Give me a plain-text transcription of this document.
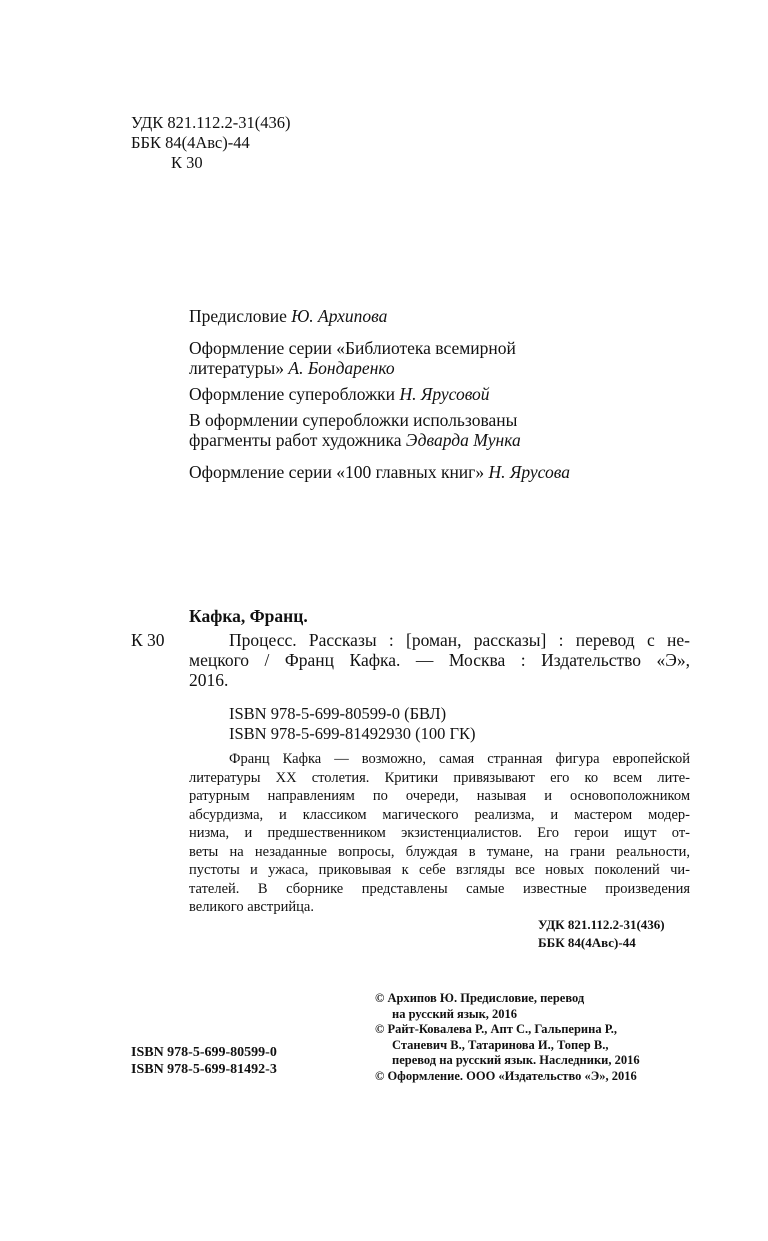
УДК 821.112.2-31(436)
ББК 84(4Авс)-44
К 30
Предисловие Ю. Архипова
Оформление серии «Библиотека всемирной
литературы» А. Бондаренко
Оформление суперобложки Н. Ярусовой
В оформлении суперобложки использованы
фрагменты работ художника Эдварда Мунка
Оформление серии «100 главных книг» Н. Ярусова
Кафка, Франц.
К 30	Процесс. Рассказы : [роман, рассказы] : перевод с не-
мецкого / Франц Кафка. — Москва : Издательство «Э»,
2016.
ISBN 978-5-699-80599-0 (БВЛ)
ISBN 978-5-699-81492930 (100 ГК)
Франц Кафка — возможно, самая странная фигура европейской
литературы XX столетия. Критики привязывают его ко всем лите-
ратурным направлениям по очереди, называя и основоположником
абсурдизма, и классиком магического реализма, и мастером модер-
низма, и предшественником экзистенциалистов. Его герои ищут от-
веты на незаданные вопросы, блуждая в тумане, на грани реальности,
пустоты и ужаса, приковывая к себе взгляды все новых поколений чи-
тателей. В сборнике представлены самые известные произведения
великого австрийца.
УДК 821.112.2-31(436)
ББК 84(4Авс)-44
ISBN 978-5-699-80599-0
ISBN 978-5-699-81492-3
© Архипов Ю. Предисловие, перевод
на русский язык, 2016
© Райт-Ковалева Р., Апт С., Гальперина Р.,
Станевич В., Татаринова И., Топер В.,
перевод на русский язык. Наследники, 2016
© Оформление. ООО «Издательство «Э», 2016
